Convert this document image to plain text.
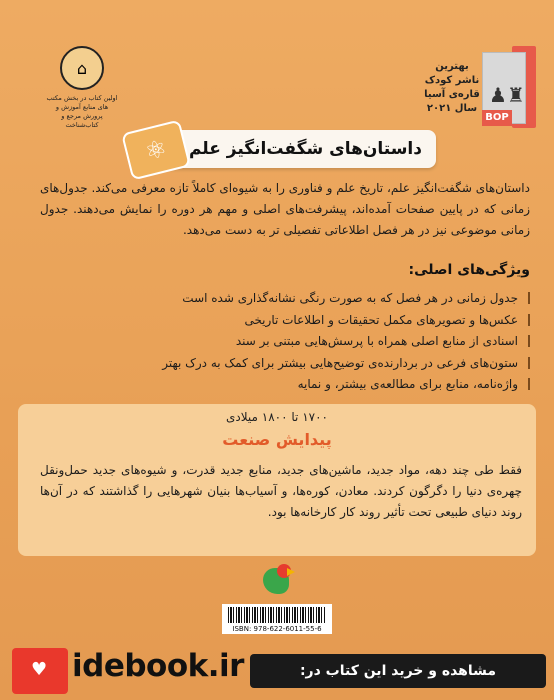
♟♜
BOP
بهترین
ناشر کودک
قاره‌ی آسیا
سال ۲۰۲۱
⌂
اولین کتاب در بخش مکتب های منابع آموزش و پرورش مرجع و کتاب‌شناخت
⚛	داستان‌های شگفت‌انگیز علم
داستان‌های شگفت‌انگیز علم، تاریخ علم و فناوری را به شیوه‌ای کاملاً تازه معرفی می‌کند. جدول‌های زمانی که در پایین صفحات آمده‌اند، پیشرفت‌های اصلی و مهم هر دوره را نمایش می‌دهند. جدول زمانی موضوعی نیز در هر فصل اطلاعاتی تفصیلی تر به دست می‌دهد.
ویژگی‌های اصلی:
جدول زمانی در هر فصل که به صورت رنگی نشانه‌گذاری شده است
عکس‌ها و تصویرهای مکمل تحقیقات و اطلاعات تاریخی
اسنادی از منابع اصلی همراه با پرسش‌هایی مبتنی بر سند
ستون‌های فرعی در بردارنده‌ی توضیح‌هایی بیشتر برای کمک به درک بهتر
واژه‌نامه، منابع برای مطالعه‌ی بیشتر، و نمایه
۱۷۰۰ تا ۱۸۰۰ میلادی
پیدایش صنعت
فقط طی چند دهه، مواد جدید، ماشین‌های جدید، منابع جدید قدرت، و شیوه‌های جدید حمل‌ونقل چهره‌ی دنیا را دگرگون کردند. معادن، کوره‌ها، و آسیاب‌ها بنیان شهرهایی را گذاشتند که در آن‌ها روند دنیای طبیعی تحت تأثیر روند کار کارخانه‌ها بود.
ISBN: 978-622-6011-55-6
♥ idebook.ir	مشاهده و خرید این کتاب در:
